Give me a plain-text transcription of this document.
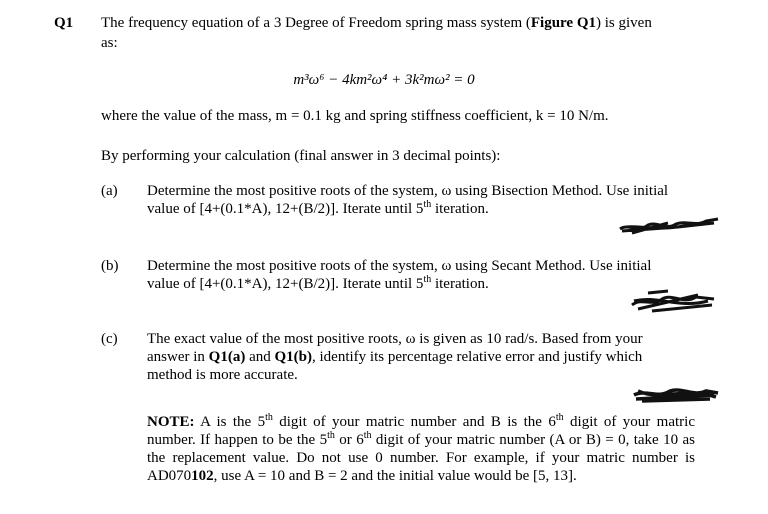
Q1 The frequency equation of a 3 Degree of Freedom spring mass system (Figure Q1) is given
as:
m³ω⁶ − 4km²ω⁴ + 3k²mω² = 0
where the value of the mass, m = 0.1 kg and spring stiffness coefficient, k = 10 N/m.
By performing your calculation (final answer in 3 decimal points):
(a) Determine the most positive roots of the system, ω using Bisection Method. Use initial
value of [4+(0.1*A), 12+(B/2)]. Iterate until 5th iteration.
(b) Determine the most positive roots of the system, ω using Secant Method. Use initial
value of [4+(0.1*A), 12+(B/2)]. Iterate until 5th iteration.
(c) The exact value of the most positive roots, ω is given as 10 rad/s. Based from your
answer in Q1(a) and Q1(b), identify its percentage relative error and justify which
method is more accurate.
NOTE: A is the 5th digit of your matric number and B is the 6th digit of your matric number. If happen to be the 5th or 6th digit of your matric number (A or B) = 0, take 10 as the replacement value. Do not use 0 number. For example, if your matric number is AD070102, use A = 10 and B = 2 and the initial value would be [5, 13].
